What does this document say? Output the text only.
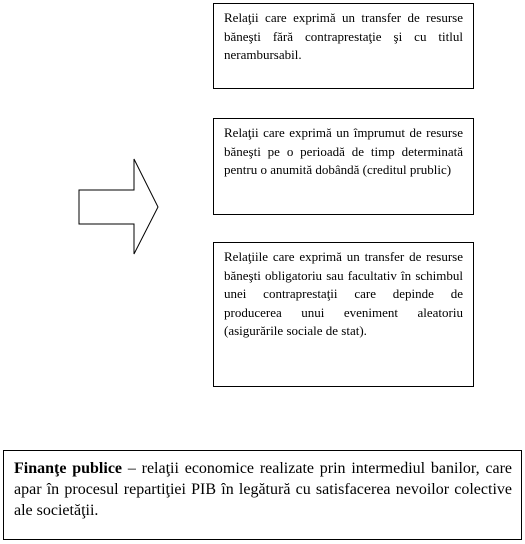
Relaţii care exprimă un transfer de resurse băneşti fără contraprestaţie şi cu titlul nerambursabil.

Relaţii care exprimă un împrumut de resurse băneşti pe o perioadă de timp determinată pentru o anumită dobândă (creditul prublic)

Relaţiile care exprimă un transfer de resurse băneşti obligatoriu sau facultativ în schimbul unei contraprestaţii care depinde de producerea unui eveniment aleatoriu (asigurările sociale de stat).

Finanţe publice – relaţii economice realizate prin intermediul banilor, care apar în procesul repartiţiei PIB în legătură cu satisfacerea nevoilor colective ale societăţii.
